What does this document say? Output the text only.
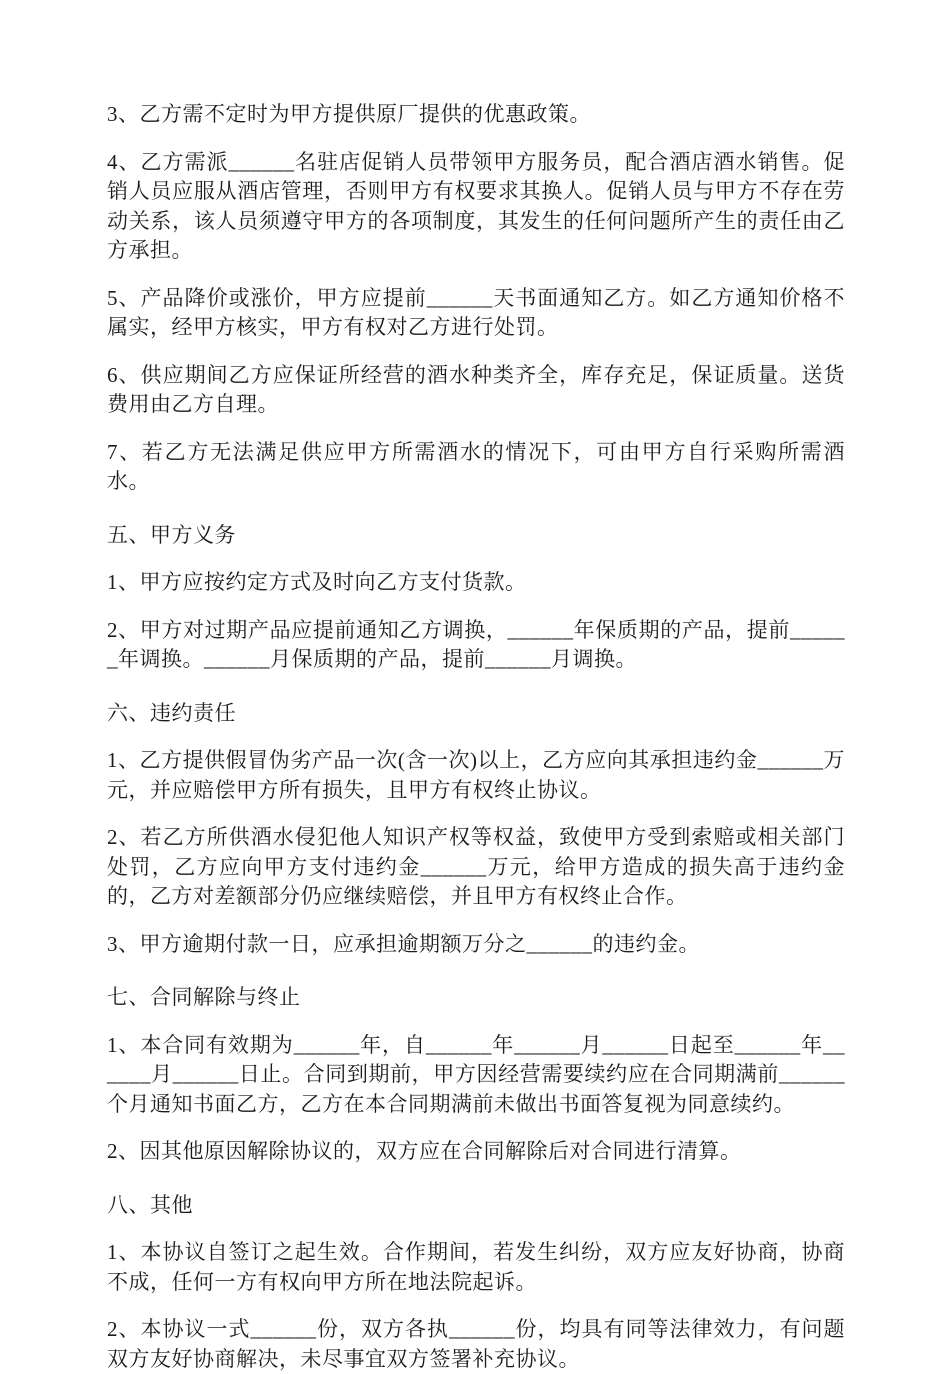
3、乙方需不定时为甲方提供原厂提供的优惠政策。

4、乙方需派______名驻店促销人员带领甲方服务员，配合酒店酒水销售。促销人员应服从酒店管理，否则甲方有权要求其换人。促销人员与甲方不存在劳动关系，该人员须遵守甲方的各项制度，其发生的任何问题所产生的责任由乙方承担。

5、产品降价或涨价，甲方应提前______天书面通知乙方。如乙方通知价格不属实，经甲方核实，甲方有权对乙方进行处罚。

6、供应期间乙方应保证所经营的酒水种类齐全，库存充足，保证质量。送货费用由乙方自理。

7、若乙方无法满足供应甲方所需酒水的情况下，可由甲方自行采购所需酒水。

五、甲方义务

1、甲方应按约定方式及时向乙方支付货款。

2、甲方对过期产品应提前通知乙方调换，______年保质期的产品，提前______年调换。______月保质期的产品，提前______月调换。

六、违约责任

1、乙方提供假冒伪劣产品一次(含一次)以上，乙方应向其承担违约金______万元，并应赔偿甲方所有损失，且甲方有权终止协议。

2、若乙方所供酒水侵犯他人知识产权等权益，致使甲方受到索赔或相关部门处罚，乙方应向甲方支付违约金______万元，给甲方造成的损失高于违约金的，乙方对差额部分仍应继续赔偿，并且甲方有权终止合作。

3、甲方逾期付款一日，应承担逾期额万分之______的违约金。

七、合同解除与终止

1、本合同有效期为______年，自______年______月______日起至______年______月______日止。合同到期前，甲方因经营需要续约应在合同期满前______个月通知书面乙方，乙方在本合同期满前未做出书面答复视为同意续约。

2、因其他原因解除协议的，双方应在合同解除后对合同进行清算。

八、其他

1、本协议自签订之起生效。合作期间，若发生纠纷，双方应友好协商，协商不成，任何一方有权向甲方所在地法院起诉。

2、本协议一式______份，双方各执______份，均具有同等法律效力，有问题双方友好协商解决，未尽事宜双方签署补充协议。
